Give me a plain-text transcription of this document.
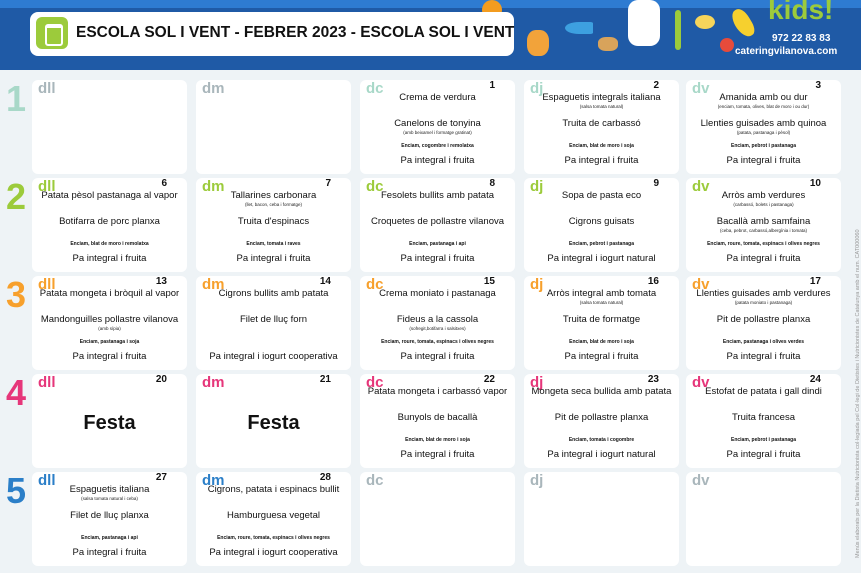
ESCOLA SOL I VENT - FEBRER 2023 - ESCOLA SOL I VENT
kids!
972 22 83 83
cateringvilanova.com
1 dll	dm	dc	1
Crema de verdura
Canelons de tonyina
(amb beixamel i formatge gratinat)
Enciam, cogombre i remolatxa
Pa integral i fruita
dj	2
Espaguetis integrals italiana
(salsa tomata natural)
Truita de carbassó
Enciam, blat de moro i soja
Pa integral i fruita
dv	3
Amanida amb ou dur
(enciam, tomata, olives, blat de moro i ou dur)
Llenties guisades amb quinoa
(patata, pastanaga i pèsol)
Enciam, pebrot i pastanaga
Pa integral i fruita
2 dll	6
Patata pèsol pastanaga al vapor
Botifarra de porc planxa
Enciam, blat de moro i remolatxa
Pa integral i fruita
dm	7
Tallarines carbonara
(llet, bacon, ceba i formatge)
Truita d'espinacs
Enciam, tomata i raves
Pa integral i fruita
dc	8
Fesolets bullits amb patata
Croquetes de pollastre vilanova
Enciam, pastanaga i api
Pa integral i fruita
dj	9
Sopa de pasta eco
Cigrons guisats
Enciam, pebrot i pastanaga
Pa integral i iogurt natural
dv	10
Arròs amb verdures
(carbassó, bolets i pastanaga)
Bacallà amb samfaina
(ceba, pebrot, carbassó,albergínia i tomata)
Enciam, roure, tomata, espinacs i olives negres
Pa integral i fruita
3 dll	13
Patata mongeta i bròquil al vapor
Mandonguilles pollastre vilanova
(amb sípia)
Enciam, pastanaga i soja
Pa integral i fruita
dm	14
Cigrons bullits amb patata
Filet de lluç forn
Pa integral i iogurt cooperativa
dc	15
Crema moniato i pastanaga
Fideus a la cassola
(sofregit,botifarra i salsitxes)
Enciam, roure, tomata, espinacs i olives negres
Pa integral i fruita
dj	16
Arròs integral amb tomata
(salsa tomata natural)
Truita de formatge
Enciam, blat de moro i soja
Pa integral i fruita
dv	17
Llenties guisades amb verdures
(patata moniato i pastanaga)
Pit de pollastre planxa
Enciam, pastanaga i olives verdes
Pa integral i fruita
4 dll	20
Festa
dm	21
Festa
dc	22
Patata mongeta i carbassó vapor
Bunyols de bacallà
Enciam, blat de moro i soja
Pa integral i fruita
dj	23
Mongeta seca bullida amb patata
Pit de pollastre planxa
Enciam, tomata i cogombre
Pa integral i iogurt natural
dv	24
Estofat de patata i gall dindi
Truita francesa
Enciam, pebrot i pastanaga
Pa integral i fruita
5 dll	27
Espaguetis italiana
(salsa tomata natural i ceba)
Filet de lluç planxa
Enciam, pastanaga i api
Pa integral i fruita
dm	28
Cigrons, patata i espinacs bullit
Hamburguesa vegetal
Enciam, roure, tomata, espinacs i olives negres
Pa integral i iogurt cooperativa
dc	dj	dv	Menús elaborats per la Dietista Nutricionista col·legiada pel Col·legi de Dietistes i Nutricionistes de Catalunya amb el num. CAT000060
